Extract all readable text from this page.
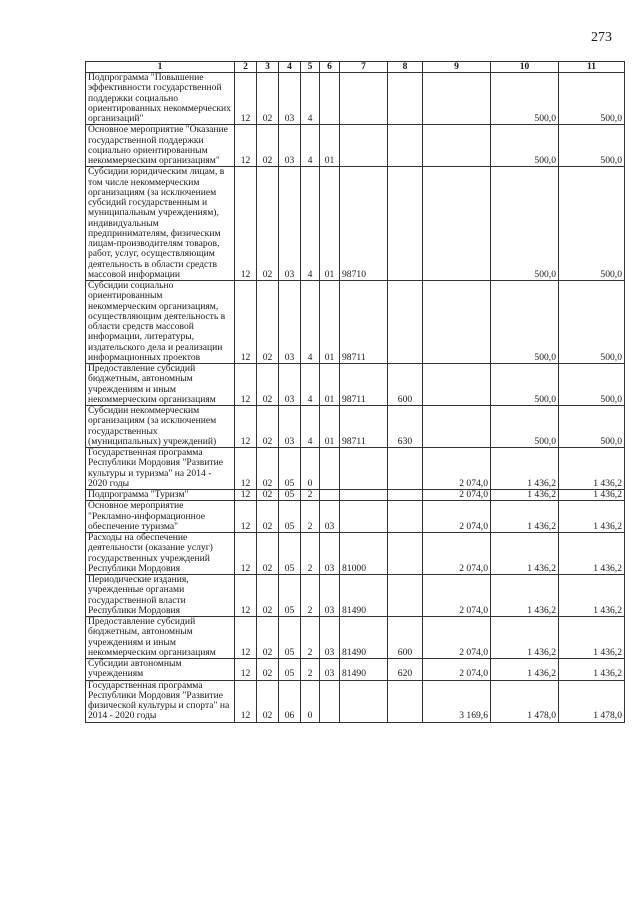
273
1	2	3	4	5	6	7	8	9	10	11
Подпрограмма "Повышение эффективности государственной поддержки социально ориентированных некоммерческих организаций"	12	02	03	4					500,0	500,0
Основное мероприятие "Оказание государственной поддержки социально ориентированным некоммерческим организациям"	12	02	03	4	01				500,0	500,0
Субсидии юридическим лицам, в том числе некоммерческим организациям (за исключением субсидий государственным и муниципальным учреждениям), индивидуальным предпринимателям, физическим лицам-производителям товаров, работ, услуг, осуществляющим деятельность в области средств массовой информации	12	02	03	4	01	98710			500,0	500,0
Субсидии социально ориентированным некоммерческим организациям, осуществляющим деятельность в области средств массовой информации, литературы, издательского дела и реализации информационных проектов	12	02	03	4	01	98711			500,0	500,0
Предоставление субсидий бюджетным, автономным учреждениям и иным некоммерческим организациям	12	02	03	4	01	98711	600		500,0	500,0
Субсидии некоммерческим организациям (за исключением государственных (муниципальных) учреждений)	12	02	03	4	01	98711	630		500,0	500,0
Государственная программа Республики Мордовия "Развитие культуры и туризма" на 2014 - 2020 годы	12	02	05	0				2 074,0	1 436,2	1 436,2
Подпрограмма "Туризм"	12	02	05	2				2 074,0	1 436,2	1 436,2
Основное мероприятие "Рекламно-информационное обеспечение туризма"	12	02	05	2	03			2 074,0	1 436,2	1 436,2
Расходы на обеспечение деятельности (оказание услуг) государственных учреждений Республики Мордовия	12	02	05	2	03	81000		2 074,0	1 436,2	1 436,2
Периодические издания, учрежденные органами государственной власти Республики Мордовия	12	02	05	2	03	81490		2 074,0	1 436,2	1 436,2
Предоставление субсидий бюджетным, автономным учреждениям и иным некоммерческим организациям	12	02	05	2	03	81490	600	2 074,0	1 436,2	1 436,2
Субсидии автономным учреждениям	12	02	05	2	03	81490	620	2 074,0	1 436,2	1 436,2
Государственная программа Республики Мордовия "Развитие физической культуры и спорта" на 2014 - 2020 годы	12	02	06	0				3 169,6	1 478,0	1 478,0
